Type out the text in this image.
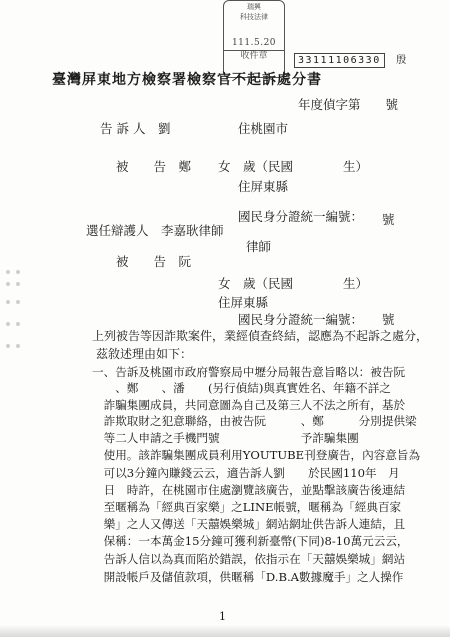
瑞興
科技法律
111.5.20
收件章	33111106330 殷
臺灣屏東地方檢察署檢察官不起訴處分書
年度偵字第　　號
告 訴 人　劉	住桃園市
被　　告　鄭 女　歲（民國　　　　生）
住屏東縣
國民身分證統一編號： 號
選任辯護人　李嘉耿律師
律師
被　　告　阮
女　歲（民國　　　　生）
住屏東縣
國民身分證統一編號： 號
上列被告等因詐欺案件，業經偵查終結，認應為不起訴之處分，
茲敘述理由如下：
一、告訴及桃園市政府警察局中壢分局報告意旨略以：被告阮
　　、鄭　　、潘　　(另行偵結)與真實姓名、年籍不詳之
　詐騙集團成員，共同意圖為自己及第三人不法之所有，基於
　詐欺取財之犯意聯絡，由被告阮　　　、鄭　　　分別提供梁
　等二人申請之手機門號　　　　　　　予詐騙集團
　使用。該詐騙集團成員利用YOUTUBE刊登廣告，內容意旨為
　可以3分鐘內賺錢云云，適告訴人劉　　於民國110年　月
　日　時許，在桃園市住處瀏覽該廣告，並點擊該廣告後連結
　至暱稱為「經典百家樂」之LINE帳號，暱稱為「經典百家
　樂」之人又傳送「天囍娛樂城」網站網址供告訴人連結，且
　保稱：一本萬金15分鐘可獲利新臺幣(下同)8-10萬元云云，
　告訴人信以為真而陷於錯誤，依指示在「天囍娛樂城」網站
　開設帳戶及儲值款項，供暱稱「D.B.A數據魔手」之人操作
1
